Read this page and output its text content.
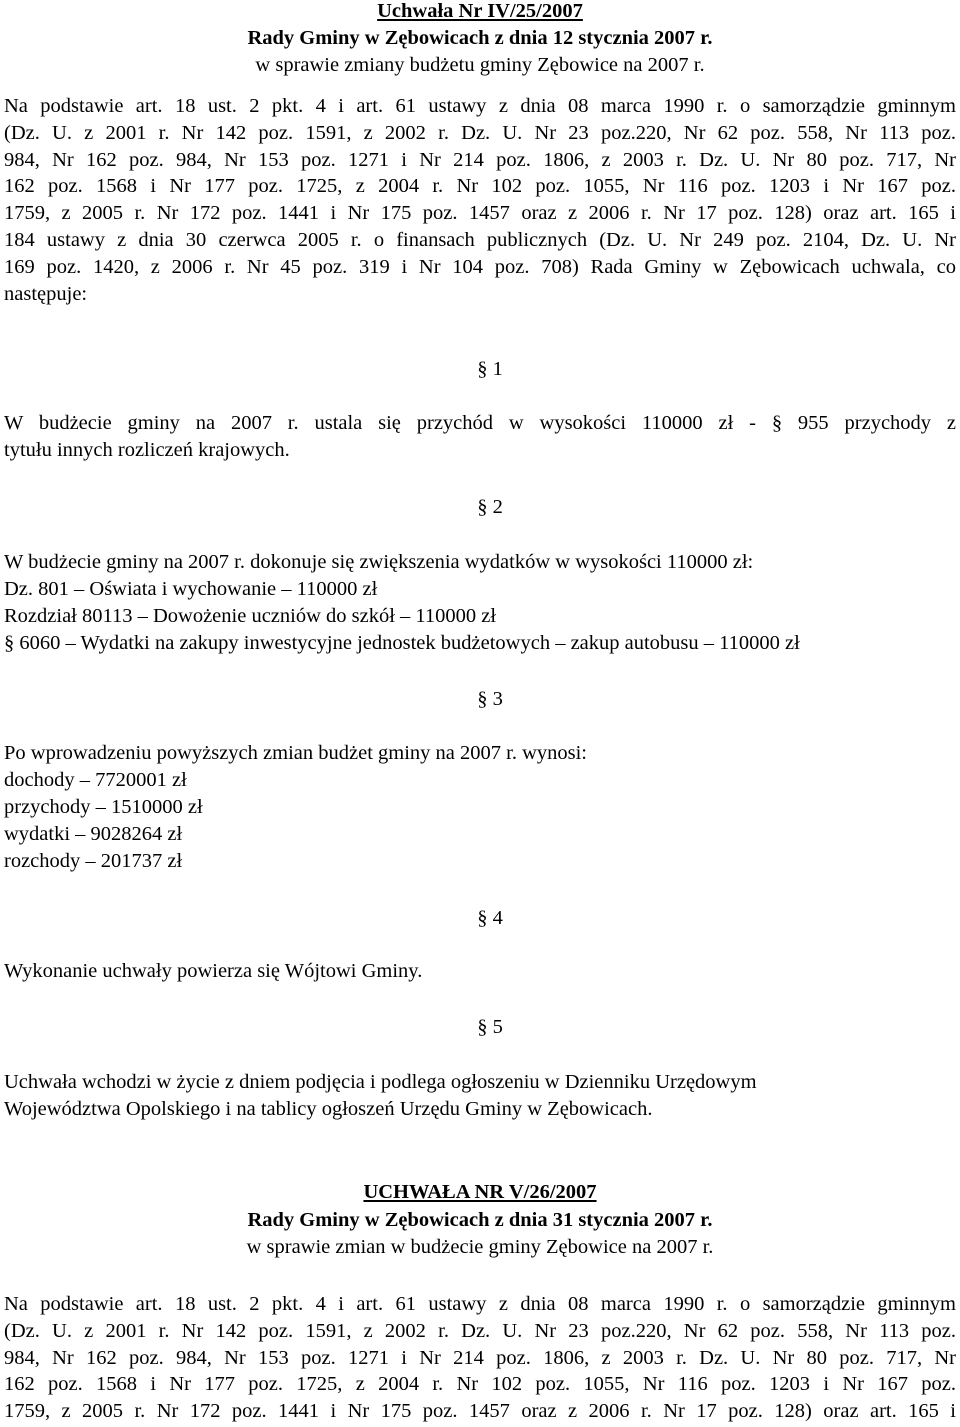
Uchwała Nr IV/25/2007
Rady Gminy w Zębowicach z dnia 12 stycznia 2007 r.
w sprawie zmiany budżetu gminy Zębowice na 2007 r.
Na podstawie art. 18 ust. 2 pkt. 4 i art. 61 ustawy z dnia 08 marca 1990 r. o samorządzie gminnym
(Dz. U. z 2001 r. Nr 142 poz. 1591, z 2002 r. Dz. U. Nr 23 poz.220, Nr 62 poz. 558, Nr 113 poz.
984, Nr 162 poz. 984, Nr 153 poz. 1271 i Nr 214 poz. 1806, z 2003 r. Dz. U. Nr 80 poz. 717, Nr
162 poz. 1568 i Nr 177 poz. 1725, z 2004 r. Nr 102 poz. 1055, Nr 116 poz. 1203 i Nr 167 poz.
1759, z 2005 r. Nr 172 poz. 1441 i Nr 175 poz. 1457 oraz z 2006 r. Nr 17 poz. 128) oraz art. 165 i
184 ustawy z dnia 30 czerwca 2005 r. o finansach publicznych (Dz. U. Nr 249 poz. 2104, Dz. U. Nr
169 poz. 1420, z 2006 r. Nr 45 poz. 319 i Nr 104 poz. 708) Rada Gminy w Zębowicach uchwala, co
następuje:
§ 1
W budżecie gminy na 2007 r. ustala się przychód w wysokości 110000 zł - § 955 przychody z
tytułu innych rozliczeń krajowych.
§ 2
W budżecie gminy na 2007 r. dokonuje się zwiększenia wydatków w wysokości 110000 zł:
Dz. 801 – Oświata i wychowanie – 110000 zł
Rozdział 80113 – Dowożenie uczniów do szkół – 110000 zł
§ 6060 – Wydatki na zakupy inwestycyjne jednostek budżetowych – zakup autobusu – 110000 zł
§ 3
Po wprowadzeniu powyższych zmian budżet gminy na 2007 r. wynosi:
dochody – 7720001 zł
przychody – 1510000 zł
wydatki – 9028264 zł
rozchody – 201737 zł
§ 4
Wykonanie uchwały powierza się Wójtowi Gminy.
§ 5
Uchwała wchodzi w życie z dniem podjęcia i podlega ogłoszeniu w Dzienniku Urzędowym
Województwa Opolskiego i na tablicy ogłoszeń Urzędu Gminy w Zębowicach.
UCHWAŁA NR V/26/2007
Rady Gminy w Zębowicach z dnia 31 stycznia 2007 r.
w sprawie zmian w budżecie gminy Zębowice na 2007 r.
Na podstawie art. 18 ust. 2 pkt. 4 i art. 61 ustawy z dnia 08 marca 1990 r. o samorządzie gminnym
(Dz. U. z 2001 r. Nr 142 poz. 1591, z 2002 r. Dz. U. Nr 23 poz.220, Nr 62 poz. 558, Nr 113 poz.
984, Nr 162 poz. 984, Nr 153 poz. 1271 i Nr 214 poz. 1806, z 2003 r. Dz. U. Nr 80 poz. 717, Nr
162 poz. 1568 i Nr 177 poz. 1725, z 2004 r. Nr 102 poz. 1055, Nr 116 poz. 1203 i Nr 167 poz.
1759, z 2005 r. Nr 172 poz. 1441 i Nr 175 poz. 1457 oraz z 2006 r. Nr 17 poz. 128) oraz art. 165 i
